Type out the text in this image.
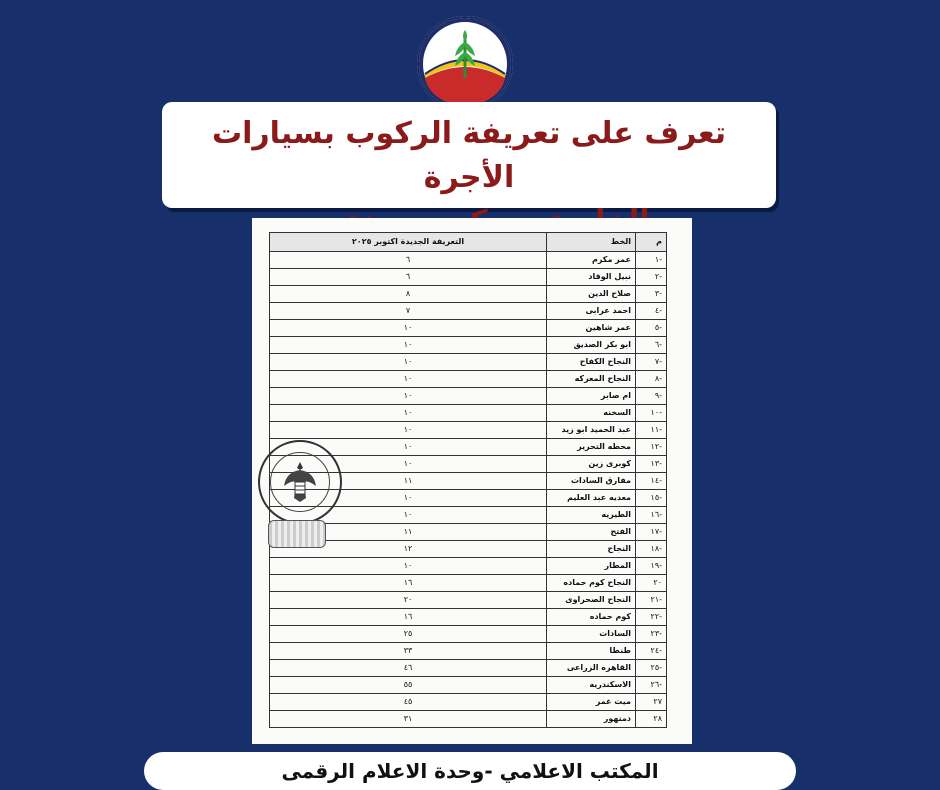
تعرف على تعريفة الركوب بسيارات الأجرة
م	الخط	التعريفة الجديدة اكتوبر ٢٠٢٥
-١	عمر مكرم	٦
-٢	نبيل الوقاد	٦
-٣	صلاح الدين	٨
-٤	احمد عرابى	٧
-٥	عمر شاهين	١٠
-٦	ابو بكر الصديق	١٠
-٧	النجاح الكفاح	١٠
-٨	النجاح المعركه	١٠
-٩	ام صابر	١٠
-١٠	السخنه	١٠
-١١	عبد الحميد ابو زيد	١٠
-١٢	محطه التحرير	١٠
-١٣	كوبرى زين	١٠
-١٤	مفارق السادات	١١
-١٥	معديه عبد العليم	١٠
-١٦	الطيريه	١٠
-١٧	الفتح	١١
-١٨	النجاح	١٢
-١٩	المطار	١٠
٢٠	النجاح كوم حماده	١٦
-٢١	النجاح الصحراوى	٢٠
-٢٢	كوم حماده	١٦
-٢٣	السادات	٢٥
-٢٤	طنطا	٣٣
-٢٥	القاهره الزراعى	٤٦
-٢٦	الاسكندريه	٥٥
٢٧	ميت غمر	٤٥
٢٨	دمنهور	٣١
المكتب الاعلامي -وحدة الاعلام الرقمى
